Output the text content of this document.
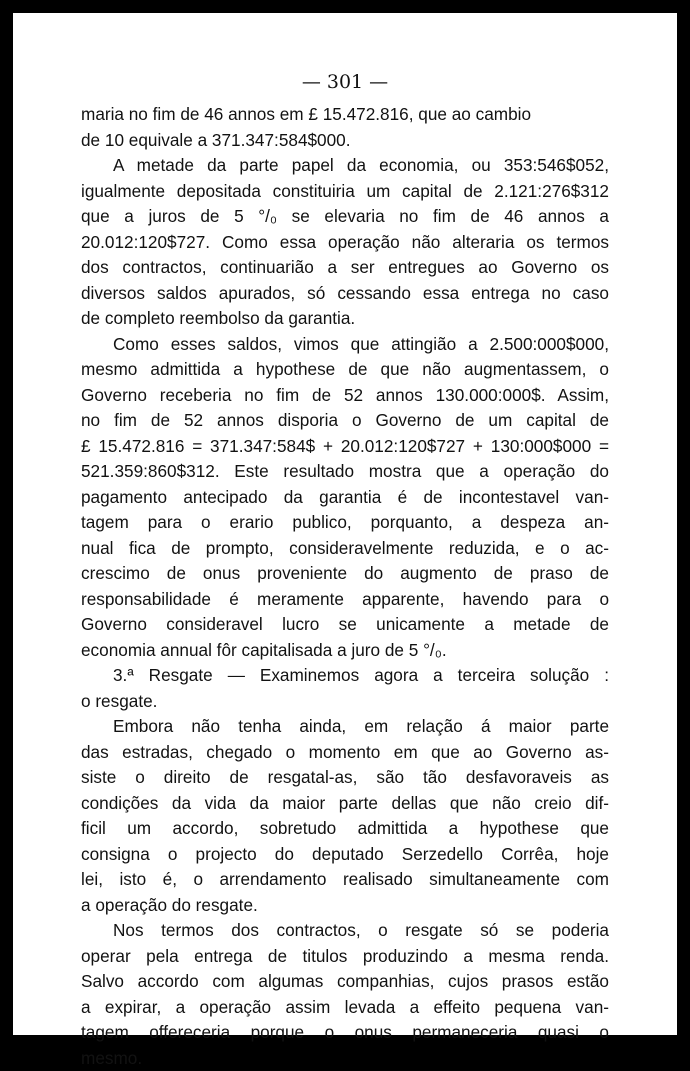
— 301 —
maria no fim de 46 annos em £ 15.472.816, que ao cambio
de 10 equivale a 371.347:584$000.
A metade da parte papel da economia, ou 353:546$052,
igualmente depositada constituiria um capital de 2.121:276$312
que a juros de 5 °/₀ se elevaria no fim de 46 annos a
20.012:120$727. Como essa operação não alteraria os termos
dos contractos, continuarião a ser entregues ao Governo os
diversos saldos apurados, só cessando essa entrega no caso
de completo reembolso da garantia.
Como esses saldos, vimos que attingião a 2.500:000$000,
mesmo admittida a hypothese de que não augmentassem, o
Governo receberia no fim de 52 annos 130.000:000$. Assim,
no fim de 52 annos disporia o Governo de um capital de
£ 15.472.816 = 371.347:584$ + 20.012:120$727 + 130:000$000 =
521.359:860$312. Este resultado mostra que a operação do
pagamento antecipado da garantia é de incontestavel van-
tagem para o erario publico, porquanto, a despeza an-
nual fica de prompto, consideravelmente reduzida, e o ac-
crescimo de onus proveniente do augmento de praso de
responsabilidade é meramente apparente, havendo para o
Governo consideravel lucro se unicamente a metade de
economia annual fôr capitalisada a juro de 5 °/₀.
3.ª Resgate — Examinemos agora a terceira solução :
o resgate.
Embora não tenha ainda, em relação á maior parte
das estradas, chegado o momento em que ao Governo as-
siste o direito de resgatal-as, são tão desfavoraveis as
condições da vida da maior parte dellas que não creio dif-
ficil um accordo, sobretudo admittida a hypothese que
consigna o projecto do deputado Serzedello Corrêa, hoje
lei, isto é, o arrendamento realisado simultaneamente com
a operação do resgate.
Nos termos dos contractos, o resgate só se poderia
operar pela entrega de titulos produzindo a mesma renda.
Salvo accordo com algumas companhias, cujos prasos estão
a expirar, a operação assim levada a effeito pequena van-
tagem offereceria porque o onus permaneceria quasi o
mesmo.
